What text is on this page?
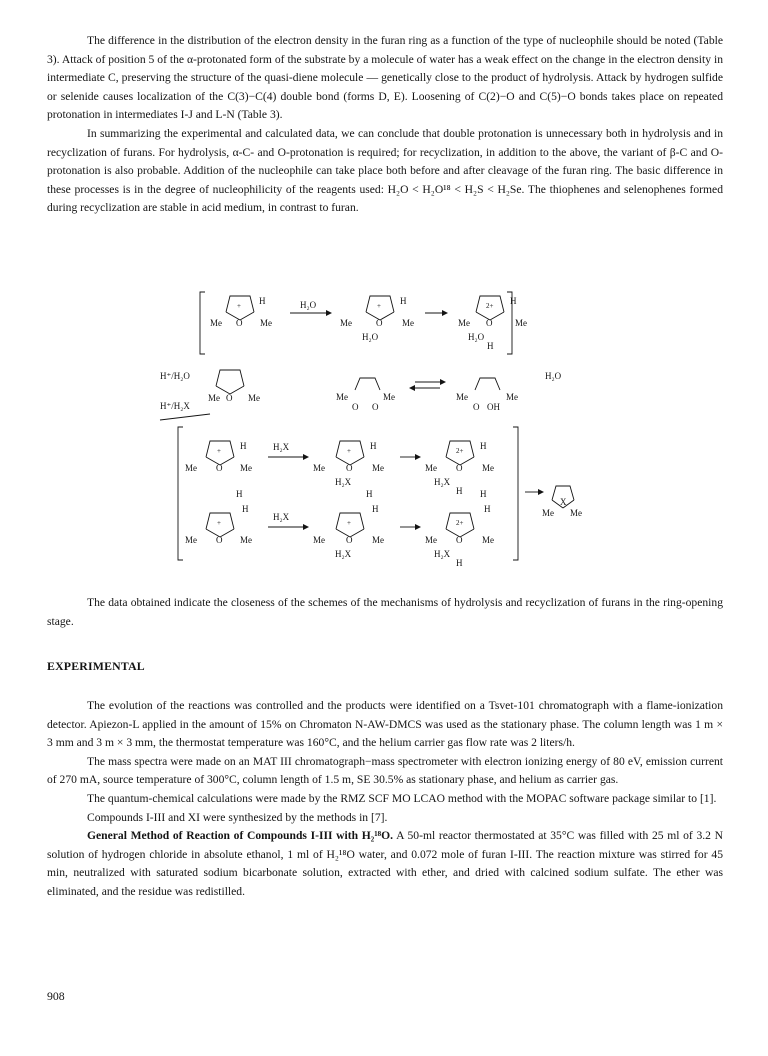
The difference in the distribution of the electron density in the furan ring as a function of the type of nucleophile should be noted (Table 3). Attack of position 5 of the α-protonated form of the substrate by a molecule of water has a weak effect on the change in the electron density in intermediate C, preserving the structure of the quasi-diene molecule — genetically close to the product of hydrolysis. Attack by hydrogen sulfide or selenide causes localization of the C(3)−C(4) double bond (forms D, E). Loosening of C(2)−O and C(5)−O bonds takes place on repeated protonation in intermediates I-J and L-N (Table 3).

In summarizing the experimental and calculated data, we can conclude that double protonation is unnecessary both in hydrolysis and in recyclization of furans. For hydrolysis, α-C- and O-protonation is required; for recyclization, in addition to the above, the variant of β-C and O-protonation is also probable. Addition of the nucleophile can take place both before and after cleavage of the furan ring. The basic difference in these processes is in the degree of nucleophilicity of the reagents used: H₂O < H₂O¹⁸ < H₂S < H₂Se. The thiophenes and selenophenes formed during recyclization are stable in acid medium, in contrast to furan.

+
Me	Me
O
H	H₂O	+
Me	Me
O
H
H₂O
2+
Me	Me
O
H
H₂O
H
H⁺/H₂O	H₂O
Me O Me	Me
O O
Me	Me
O OH
Me
H⁺/H₂X
+
Me O Me
H	H₂X	+
Me O Me
H
H₂X
2+
Me O Me
H
H₂X
H
+
Me O Me
H
H
H₂X
+
Me O Me
H
H
H₂X
2+
Me O Me
H
H
H₂X
H
X
Me Me

The data obtained indicate the closeness of the schemes of the mechanisms of hydrolysis and recyclization of furans in the ring-opening stage.

EXPERIMENTAL

The evolution of the reactions was controlled and the products were identified on a Tsvet-101 chromatograph with a flame-ionization detector. Apiezon-L applied in the amount of 15% on Chromaton N-AW-DMCS was used as the stationary phase. The column length was 1 m × 3 mm and 3 m × 3 mm, the thermostat temperature was 160°C, and the helium carrier gas flow rate was 2 liters/h.

The mass spectra were made on an MAT III chromatograph−mass spectrometer with electron ionizing energy of 80 eV, emission current of 270 mA, source temperature of 300°C, column length of 1.5 m, SE 30.5% as stationary phase, and helium as carrier gas.

The quantum-chemical calculations were made by the RMZ SCF MO LCAO method with the MOPAC software package similar to [1].

Compounds I-III and XI were synthesized by the methods in [7].

General Method of Reaction of Compounds I-III with H₂¹⁸O. A 50-ml reactor thermostated at 35°C was filled with 25 ml of 3.2 N solution of hydrogen chloride in absolute ethanol, 1 ml of H₂¹⁸O water, and 0.072 mole of furan I-III. The reaction mixture was stirred for 45 min, neutralized with saturated sodium bicarbonate solution, extracted with ether, and dried with calcined sodium sulfate. The ether was eliminated, and the residue was redistilled.

908
